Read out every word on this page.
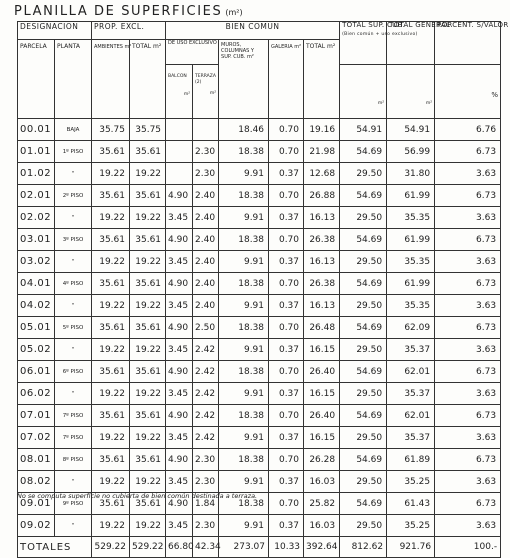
PLANILLA DE SUPERFICIES (m²)
DESIGNACION		PROP. EXCL.		BIEN COMUN					TOTAL SUP. CUB.
(Bien común + uso exclusivo)	TOTAL GENERAL	PORCENT. S/VALOR
PARCELA	PLANTA	AMBIENTES m²	TOTAL m²	DE USO EXCLUSIVO		MUROS, COLUMNAS Y SUP. CUB. m²	GALERIA m²	TOTAL m²			
				BALCON
m²	TERRAZA (2)
m²				m²	m²	%

00.01	BAJA	35.75	35.75			18.46	0.70	19.16	54.91	54.91	6.76
01.01	1º PISO	35.61	35.61		2.30	18.38	0.70	21.98	54.69	56.99	6.73
01.02	"	19.22	19.22		2.30	9.91	0.37	12.68	29.50	31.80	3.63
02.01	2º PISO	35.61	35.61	4.90	2.40	18.38	0.70	26.88	54.69	61.99	6.73
02.02	"	19.22	19.22	3.45	2.40	9.91	0.37	16.13	29.50	35.35	3.63
03.01	3º PISO	35.61	35.61	4.90	2.40	18.38	0.70	26.38	54.69	61.99	6.73
03.02	"	19.22	19.22	3.45	2.40	9.91	0.37	16.13	29.50	35.35	3.63
04.01	4º PISO	35.61	35.61	4.90	2.40	18.38	0.70	26.38	54.69	61.99	6.73
04.02	"	19.22	19.22	3.45	2.40	9.91	0.37	16.13	29.50	35.35	3.63
05.01	5º PISO	35.61	35.61	4.90	2.50	18.38	0.70	26.48	54.69	62.09	6.73
05.02	"	19.22	19.22	3.45	2.42	9.91	0.37	16.15	29.50	35.37	3.63
06.01	6º PISO	35.61	35.61	4.90	2.42	18.38	0.70	26.40	54.69	62.01	6.73
06.02	"	19.22	19.22	3.45	2.42	9.91	0.37	16.15	29.50	35.37	3.63
07.01	7º PISO	35.61	35.61	4.90	2.42	18.38	0.70	26.40	54.69	62.01	6.73
07.02	7º PISO	19.22	19.22	3.45	2.42	9.91	0.37	16.15	29.50	35.37	3.63
08.01	8º PISO	35.61	35.61	4.90	2.30	18.38	0.70	26.28	54.69	61.89	6.73
08.02	"	19.22	19.22	3.45	2.30	9.91	0.37	16.03	29.50	35.25	3.63
09.01	9º PISO	35.61	35.61	4.90	1.84	18.38	0.70	25.82	54.69	61.43	6.73
09.02	"	19.22	19.22	3.45	2.30	9.91	0.37	16.03	29.50	35.25	3.63
TOTALES		529.22	529.22	66.80	42.34	273.07	10.33	392.64	812.62	921.76	100.-
No se computa superficie no cubierta de bien común destinada a terraza.
